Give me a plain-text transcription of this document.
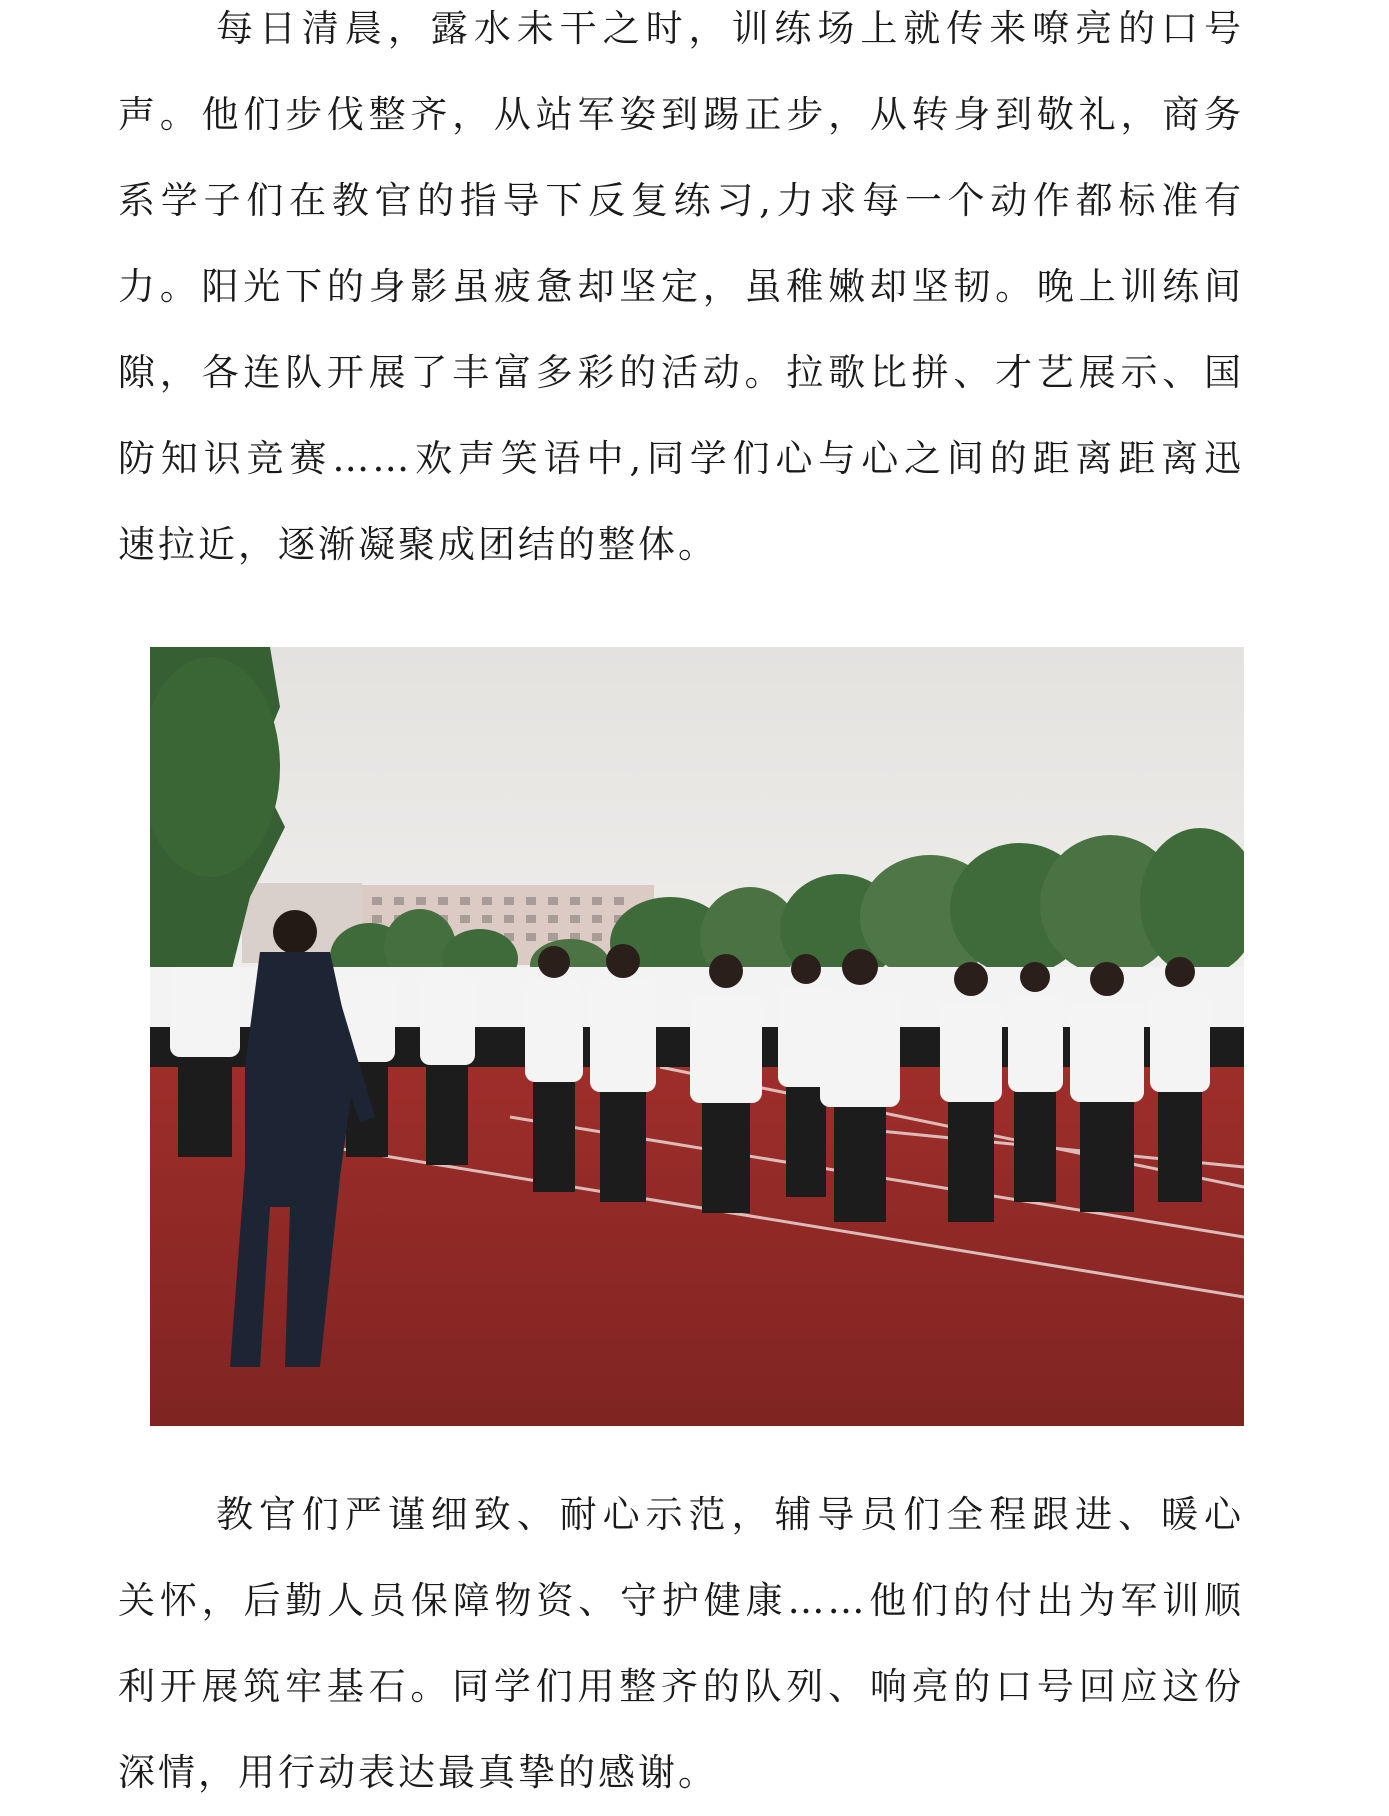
每日清晨，露水未干之时，训练场上就传来嘹亮的口号
声。他们步伐整齐，从站军姿到踢正步，从转身到敬礼，商务
系学子们在教官的指导下反复练习,力求每一个动作都标准有
力。阳光下的身影虽疲惫却坚定，虽稚嫩却坚韧。晚上训练间
隙，各连队开展了丰富多彩的活动。拉歌比拼、才艺展示、国
防知识竞赛……欢声笑语中,同学们心与心之间的距离距离迅
速拉近，逐渐凝聚成团结的整体。
教官们严谨细致、耐心示范，辅导员们全程跟进、暖心
关怀，后勤人员保障物资、守护健康……他们的付出为军训顺
利开展筑牢基石。同学们用整齐的队列、响亮的口号回应这份
深情，用行动表达最真挚的感谢。
